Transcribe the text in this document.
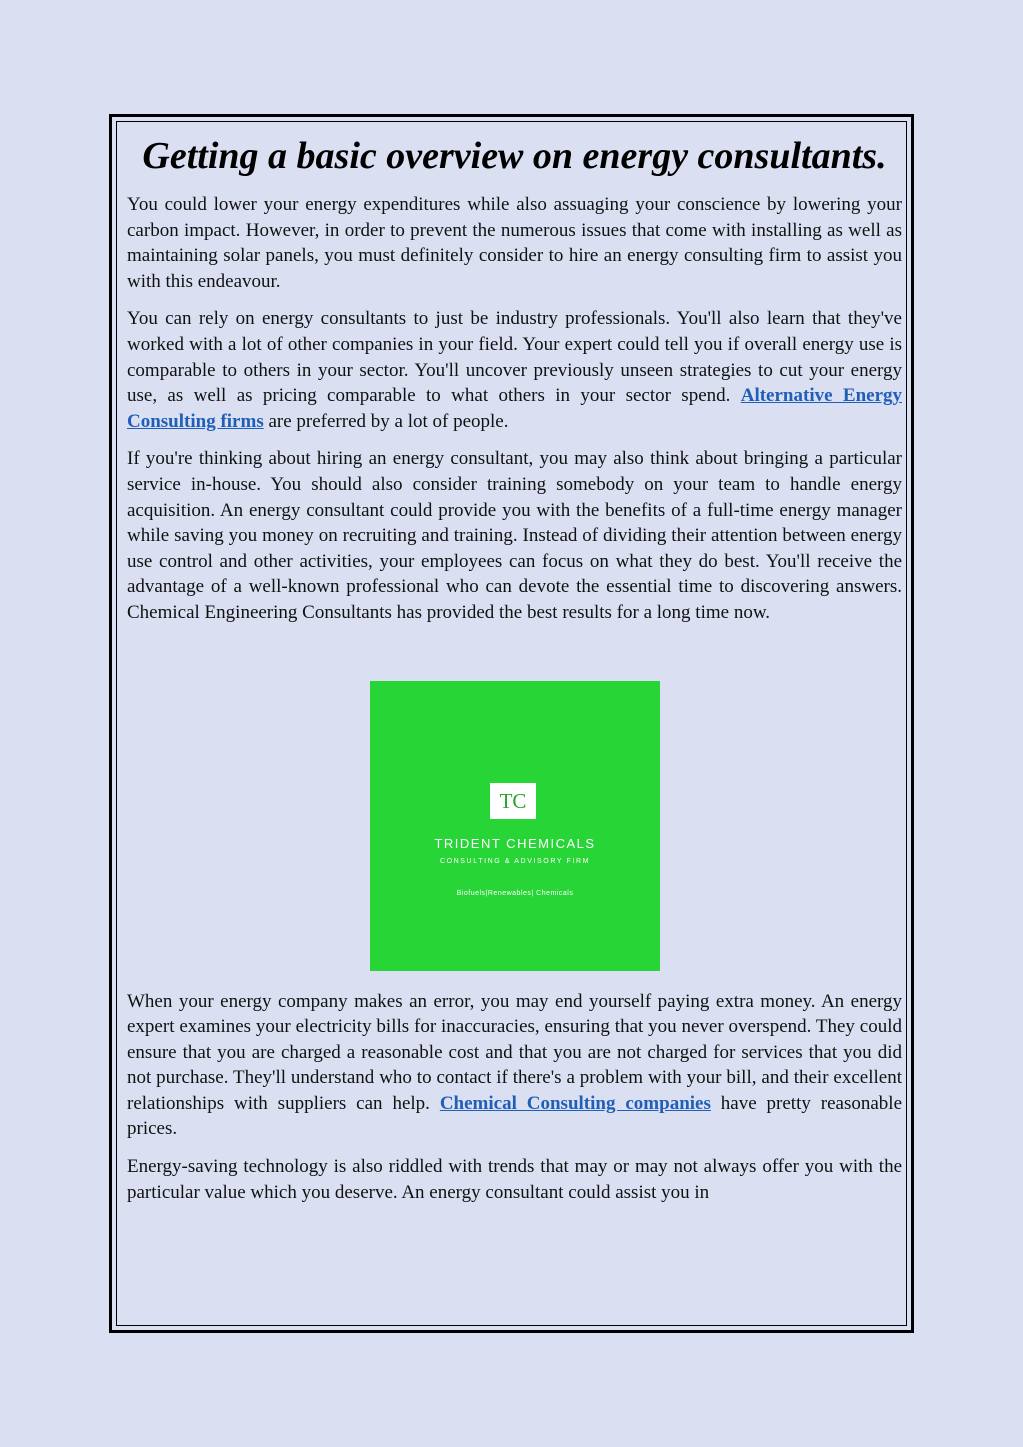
Getting a basic overview on energy consultants.

You could lower your energy expenditures while also assuaging your conscience by lowering your carbon impact. However, in order to prevent the numerous issues that come with installing as well as maintaining solar panels, you must definitely consider to hire an energy consulting firm to assist you with this endeavour.

You can rely on energy consultants to just be industry professionals. You'll also learn that they've worked with a lot of other companies in your field. Your expert could tell you if overall energy use is comparable to others in your sector. You'll uncover previously unseen strategies to cut your energy use, as well as pricing comparable to what others in your sector spend. Alternative Energy Consulting firms are preferred by a lot of people.

If you're thinking about hiring an energy consultant, you may also think about bringing a particular service in-house. You should also consider training somebody on your team to handle energy acquisition. An energy consultant could provide you with the benefits of a full-time energy manager while saving you money on recruiting and training. Instead of dividing their attention between energy use control and other activities, your employees can focus on what they do best. You'll receive the advantage of a well-known professional who can devote the essential time to discovering answers. Chemical Engineering Consultants has provided the best results for a long time now.

TC
TRIDENT CHEMICALS
CONSULTING & ADVISORY FIRM
Biofuels|Renewables| Chemicals

When your energy company makes an error, you may end yourself paying extra money. An energy expert examines your electricity bills for inaccuracies, ensuring that you never overspend. They could ensure that you are charged a reasonable cost and that you are not charged for services that you did not purchase. They'll understand who to contact if there's a problem with your bill, and their excellent relationships with suppliers can help. Chemical Consulting companies have pretty reasonable prices.

Energy-saving technology is also riddled with trends that may or may not always offer you with the particular value which you deserve. An energy consultant could assist you in
